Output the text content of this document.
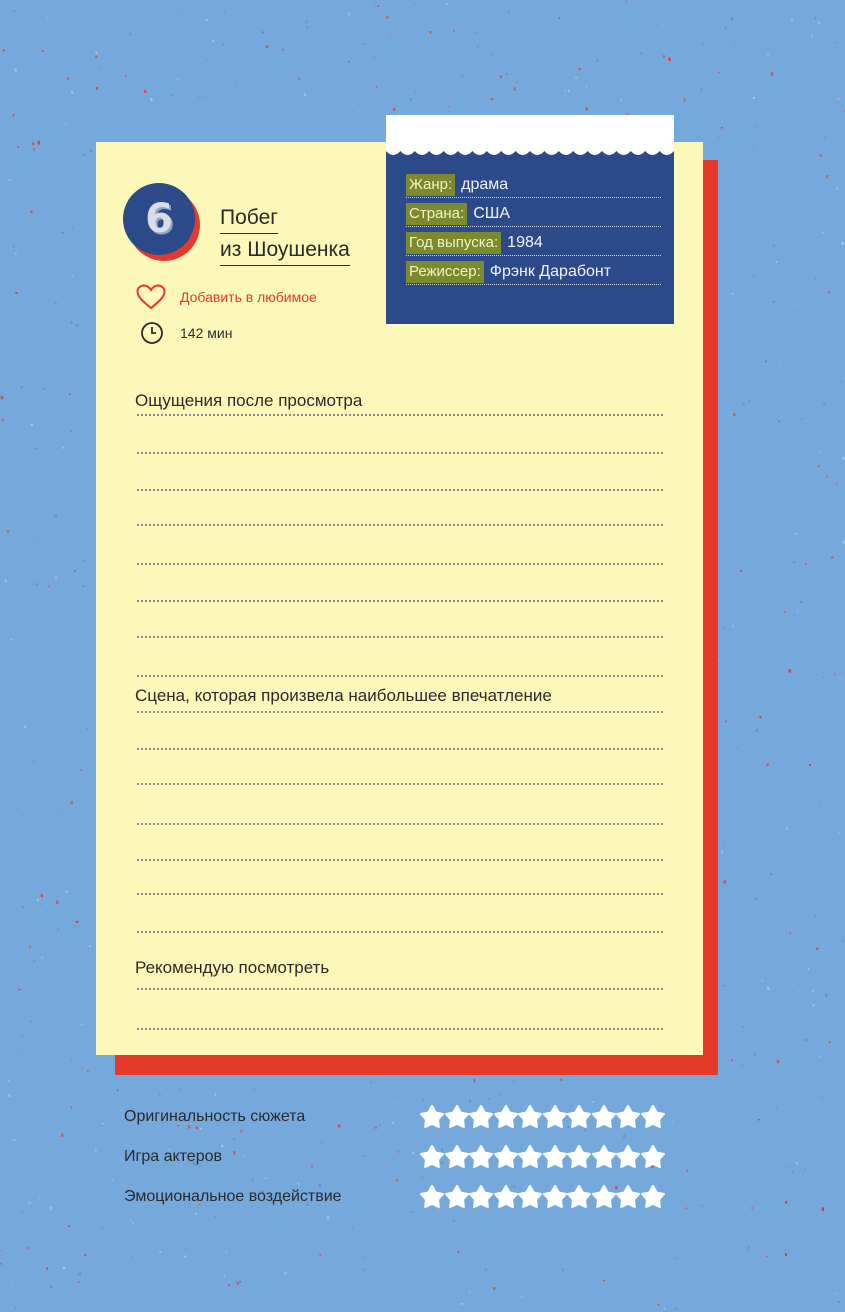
6 Побег
из Шоушенка
Добавить в любимое
142 мин
Жанр: драма
Страна: США
Год выпуска: 1984
Режиссер: Фрэнк Дарабонт
Ощущения после просмотра
Сцена, которая произвела наибольшее впечатление
Рекомендую посмотреть
Оригинальность сюжета
Игра актеров
Эмоциональное воздействие
